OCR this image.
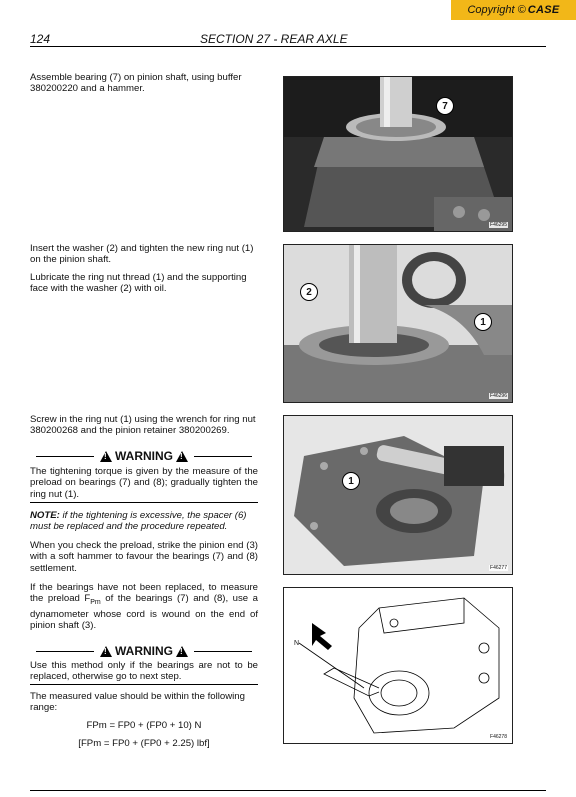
Copyright © CASE
124	SECTION 27 - REAR AXLE
Assemble bearing (7) on pinion shaft, using buffer 380200220 and a hammer.
7
F46295
Insert the washer (2) and tighten the new ring nut (1) on the pinion shaft.
Lubricate the ring nut thread (1) and the supporting face with the washer (2) with oil.	2
1
F46296
Screw in the ring nut (1) using the wrench for ring nut 380200268 and the pinion retainer 380200269.
!
WARNING
!
The tightening torque is given by the measure of the preload on bearings (7) and (8); gradually tighten the ring nut (1).
NOTE: if the tightening is excessive, the spacer (6) must be replaced and the procedure repeated.
When you check the preload, strike the pinion end (3) with a soft hammer to favour the bearings (7) and (8) settlement.
1
F46277
If the bearings have not been replaced, to measure the preload $F_{Pm}$ of the bearings (7) and (8), use a dynamometer whose cord is wound on the end of pinion shaft (3).
!
WARNING
!
Use this method only if the bearings are not to be replaced, otherwise go to next step.
The measured value should be within the following range:
FPm = FP0 + (FP0 + 10) N
[FPm = FP0 + (FP0 + 2.25) lbf]
N
F46278
